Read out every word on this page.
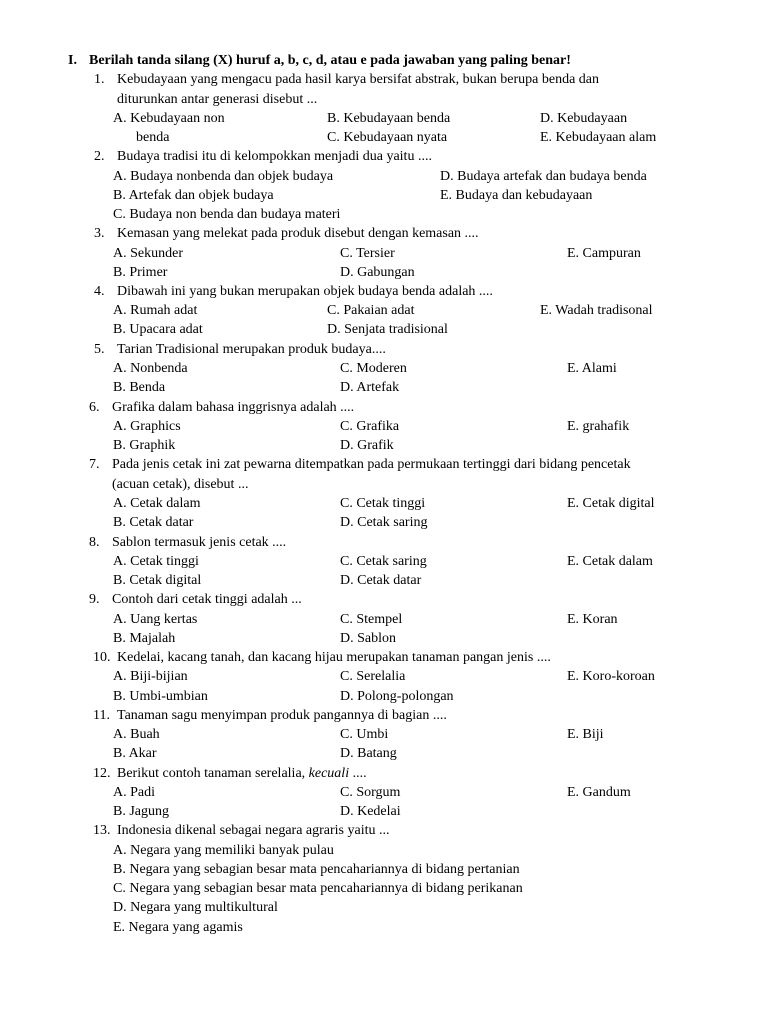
I. Berilah tanda silang (X) huruf a, b, c, d, atau e pada jawaban yang paling benar!
1. Kebudayaan yang mengacu pada hasil karya bersifat abstrak, bukan berupa benda dan
diturunkan antar generasi disebut ...
A. Kebudayaan non
benda
B. Kebudayaan benda
C. Kebudayaan nyata
D. Kebudayaan
E. Kebudayaan alam
2. Budaya tradisi itu di kelompokkan menjadi dua yaitu ....
A. Budaya nonbenda dan objek budaya
B. Artefak dan objek budaya
C. Budaya non benda dan budaya materi
D. Budaya artefak dan budaya benda
E. Budaya dan kebudayaan
3. Kemasan yang melekat pada produk disebut dengan kemasan ....
A. Sekunder
B. Primer
C. Tersier
D. Gabungan
E. Campuran
4. Dibawah ini yang bukan merupakan objek budaya benda adalah ....
A. Rumah adat
B. Upacara adat
C. Pakaian adat
D. Senjata tradisional
E. Wadah tradisonal
5. Tarian Tradisional merupakan produk budaya....
A. Nonbenda
B. Benda
C. Moderen
D. Artefak
E. Alami
6. Grafika dalam bahasa inggrisnya adalah ....
A. Graphics
B. Graphik
C. Grafika
D. Grafik
E. grahafik
7. Pada jenis cetak ini zat pewarna ditempatkan pada permukaan tertinggi dari bidang pencetak
(acuan cetak), disebut ...
A. Cetak dalam
B. Cetak datar
C. Cetak tinggi
D. Cetak saring
E. Cetak digital
8. Sablon termasuk jenis cetak ....
A. Cetak tinggi
B. Cetak digital
C. Cetak saring
D. Cetak datar
E. Cetak dalam
9. Contoh dari cetak tinggi adalah ...
A. Uang kertas
B. Majalah
C. Stempel
D. Sablon
E. Koran
10. Kedelai, kacang tanah, dan kacang hijau merupakan tanaman pangan jenis ....
A. Biji-bijian
B. Umbi-umbian
C. Serelalia
D. Polong-polongan
E. Koro-koroan
11. Tanaman sagu menyimpan produk pangannya di bagian ....
A. Buah
B. Akar
C. Umbi
D. Batang
E. Biji
12. Berikut contoh tanaman serelalia, kecuali ....
A. Padi
B. Jagung
C. Sorgum
D. Kedelai
E. Gandum
13. Indonesia dikenal sebagai negara agraris yaitu ...
A. Negara yang memiliki banyak pulau
B. Negara yang sebagian besar mata pencahariannya di bidang pertanian
C. Negara yang sebagian besar mata pencahariannya di bidang perikanan
D. Negara yang multikultural
E. Negara yang agamis
